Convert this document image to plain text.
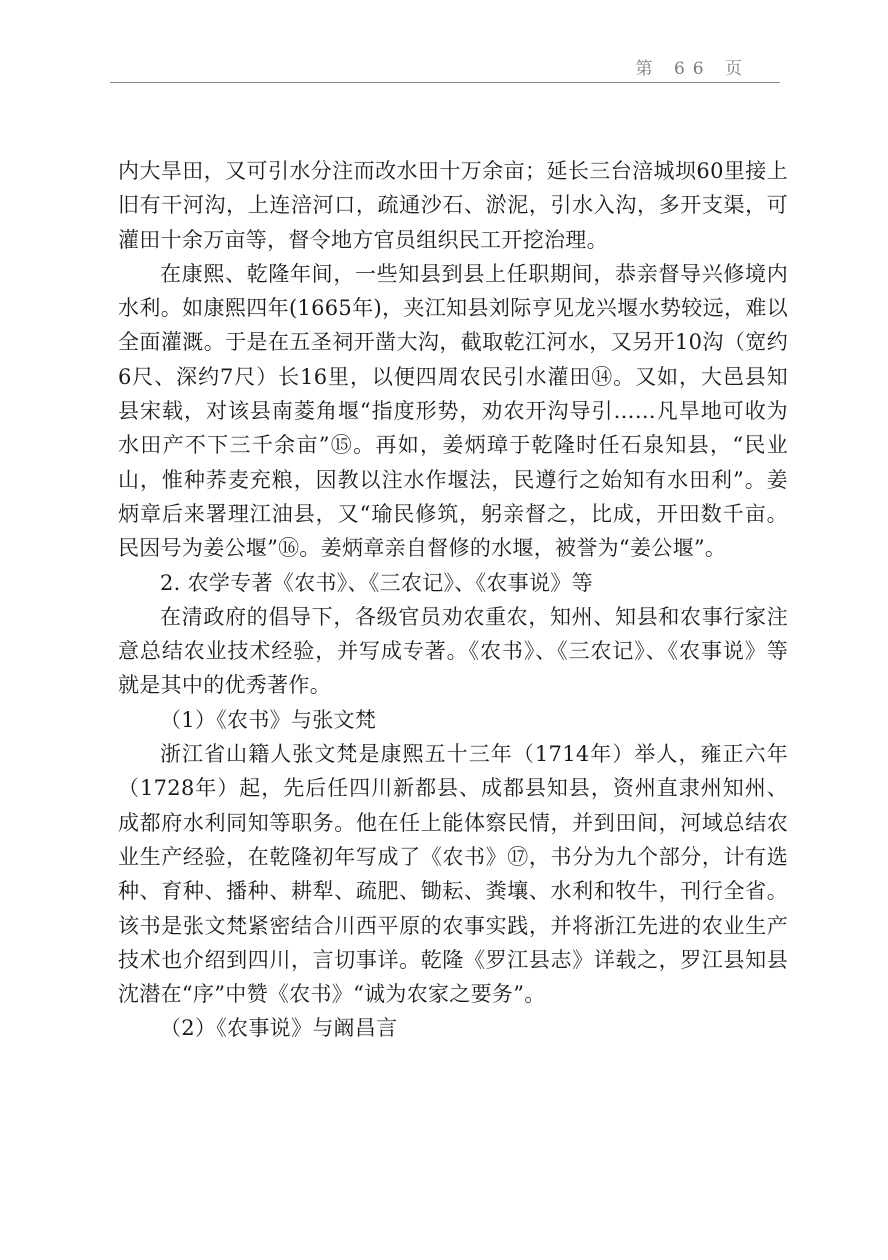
第 66 页

内大旱田，又可引水分注而改水田十万余亩；延长三台涪城坝60里接上旧有干河沟，上连涪河口，疏通沙石、淤泥，引水入沟，多开支渠，可灌田十余万亩等，督令地方官员组织民工开挖治理。

在康熙、乾隆年间，一些知县到县上任职期间，恭亲督导兴修境内水利。如康熙四年(1665年)，夹江知县刘际亨见龙兴堰水势较远，难以全面灌溉。于是在五圣祠开凿大沟，截取乾江河水，又另开10沟（宽约6尺、深约7尺）长16里，以便四周农民引水灌田⑭。又如，大邑县知县宋载，对该县南菱角堰“指度形势，劝农开沟导引……凡旱地可收为水田产不下三千余亩”⑮。再如，姜炳璋于乾隆时任石泉知县，“民业山，惟种荞麦充粮，因教以注水作堰法，民遵行之始知有水田利”。姜炳章后来署理江油县，又“瑜民修筑，躬亲督之，比成，开田数千亩。民因号为姜公堰”⑯。姜炳章亲自督修的水堰，被誉为“姜公堰”。

2. 农学专著《农书》、《三农记》、《农事说》等

在清政府的倡导下，各级官员劝农重农，知州、知县和农事行家注意总结农业技术经验，并写成专著。《农书》、《三农记》、《农事说》等就是其中的优秀著作。

（1）《农书》与张文梵

浙江省山籍人张文梵是康熙五十三年（1714年）举人，雍正六年（1728年）起，先后任四川新都县、成都县知县，资州直隶州知州、成都府水利同知等职务。他在任上能体察民情，并到田间，河域总结农业生产经验，在乾隆初年写成了《农书》⑰，书分为九个部分，计有选种、育种、播种、耕犁、疏肥、锄耘、粪壤、水利和牧牛，刊行全省。该书是张文梵紧密结合川西平原的农事实践，并将浙江先进的农业生产技术也介绍到四川，言切事详。乾隆《罗江县志》详载之，罗江县知县沈潜在“序”中赞《农书》“诚为农家之要务”。

（2）《农事说》与阚昌言
